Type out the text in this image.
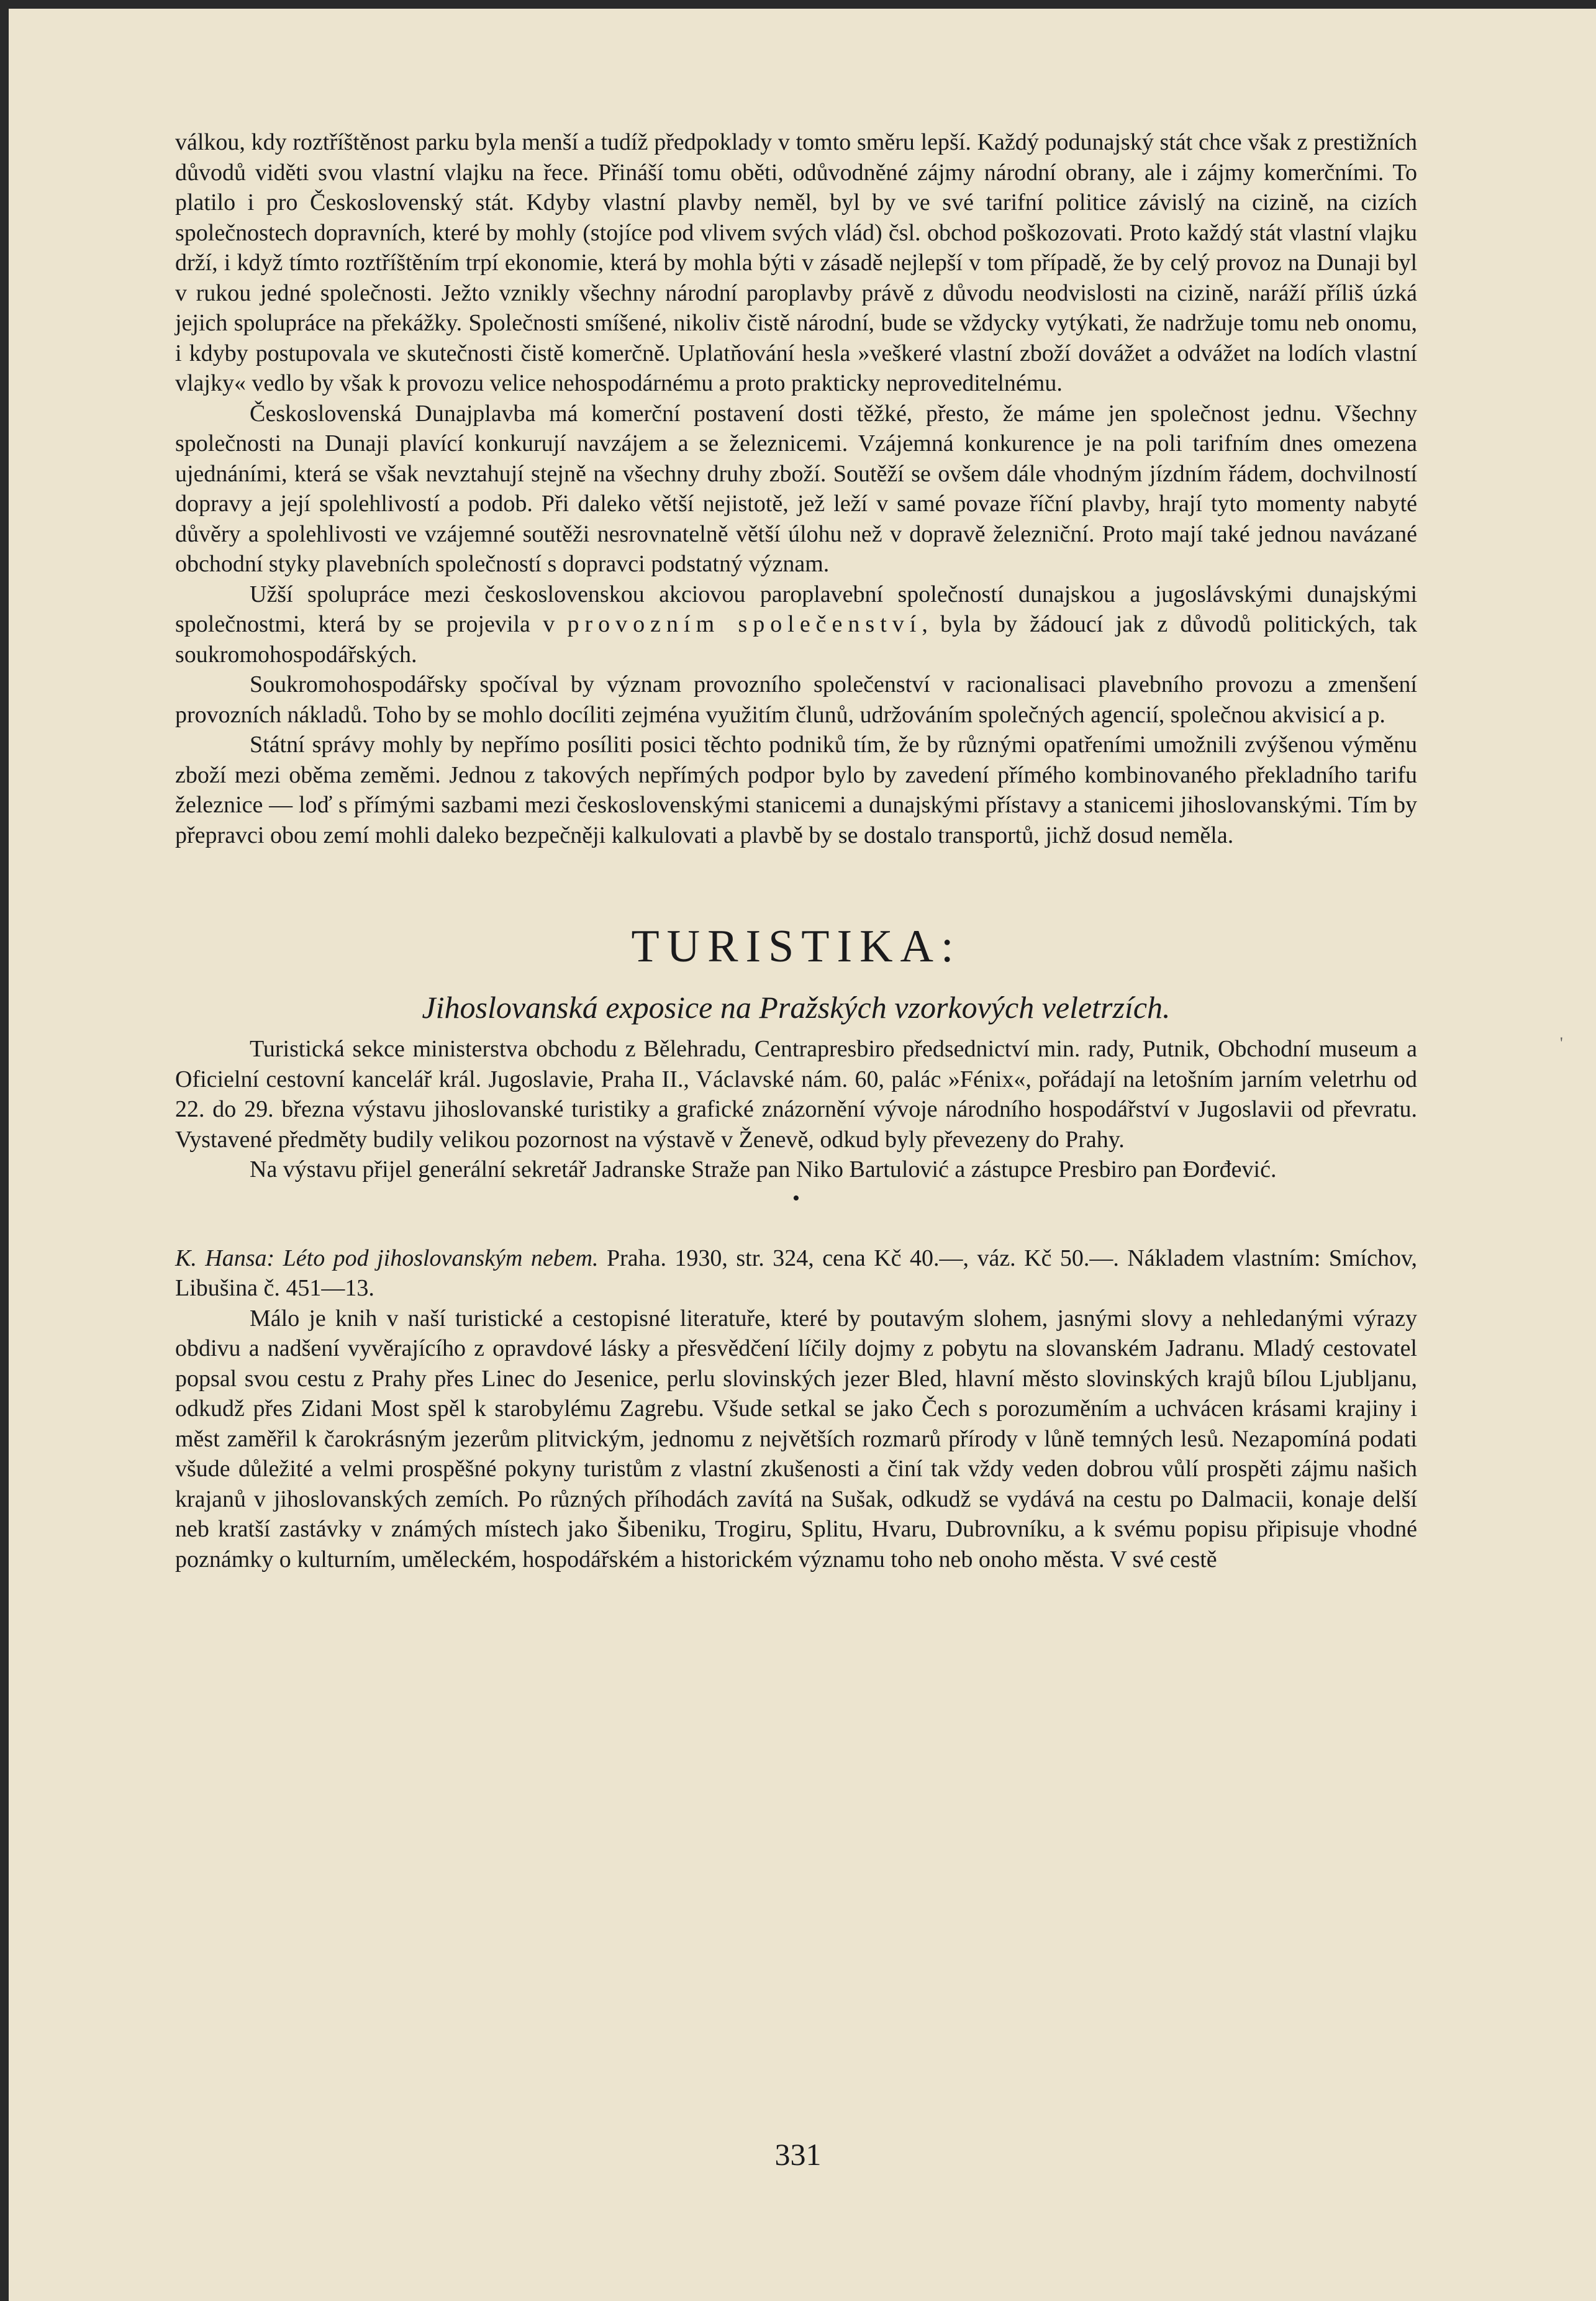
válkou, kdy roztříštěnost parku byla menší a tudíž předpoklady v tomto směru lepší. Každý podunajský stát chce však z prestižních důvodů viděti svou vlastní vlajku na řece. Přináší tomu oběti, odůvodněné zájmy národní obrany, ale i zájmy komerčními. To platilo i pro Československý stát. Kdyby vlastní plavby neměl, byl by ve své tarifní politice závislý na cizině, na cizích společnostech dopravních, které by mohly (stojíce pod vlivem svých vlád) čsl. obchod poškozovati. Proto každý stát vlastní vlajku drží, i když tímto roztříštěním trpí ekonomie, která by mohla býti v zásadě nejlepší v tom případě, že by celý provoz na Dunaji byl v rukou jedné společnosti. Ježto vznikly všechny národní paroplavby právě z důvodu neodvislosti na cizině, naráží příliš úzká jejich spolupráce na překážky. Společnosti smíšené, nikoliv čistě národní, bude se vždycky vytýkati, že nadržuje tomu neb onomu, i kdyby postupovala ve skutečnosti čistě komerčně. Uplatňování hesla »veškeré vlastní zboží dovážet a odvážet na lodích vlastní vlajky« vedlo by však k provozu velice nehospodárnému a proto prakticky neproveditelnému.

Československá Dunajplavba má komerční postavení dosti těžké, přesto, že máme jen společnost jednu. Všechny společnosti na Dunaji plavící konkurují navzájem a se železnicemi. Vzájemná konkurence je na poli tarifním dnes omezena ujednáními, která se však nevztahují stejně na všechny druhy zboží. Soutěží se ovšem dále vhodným jízdním řádem, dochvilností dopravy a její spolehlivostí a podob. Při daleko větší nejistotě, jež leží v samé povaze říční plavby, hrají tyto momenty nabyté důvěry a spolehlivosti ve vzájemné soutěži nesrovnatelně větší úlohu než v dopravě železniční. Proto mají také jednou navázané obchodní styky plavebních společností s dopravci podstatný význam.

Užší spolupráce mezi československou akciovou paroplavební společností dunajskou a jugoslávskými dunajskými společnostmi, která by se projevila v provozním společenství, byla by žádoucí jak z důvodů politických, tak soukromohospodářských.

Soukromohospodářsky spočíval by význam provozního společenství v racionalisaci plavebního provozu a zmenšení provozních nákladů. Toho by se mohlo docíliti zejména využitím člunů, udržováním společných agencií, společnou akvisicí a p.

Státní správy mohly by nepřímo posíliti posici těchto podniků tím, že by různými opatřeními umožnili zvýšenou výměnu zboží mezi oběma zeměmi. Jednou z takových nepřímých podpor bylo by zavedení přímého kombinovaného překladního tarifu železnice — loď s přímými sazbami mezi československými stanicemi a dunajskými přístavy a stanicemi jihoslovanskými. Tím by přepravci obou zemí mohli daleko bezpečněji kalkulovati a plavbě by se dostalo transportů, jichž dosud neměla.

TURISTIKA:
Jihoslovanská exposice na Pražských vzorkových veletrzích.

Turistická sekce ministerstva obchodu z Bělehradu, Centrapresbiro předsednictví min. rady, Putnik, Obchodní museum a Oficielní cestovní kancelář král. Jugoslavie, Praha II., Václavské nám. 60, palác »Fénix«, pořádají na letošním jarním veletrhu od 22. do 29. března výstavu jihoslovanské turistiky a grafické znázornění vývoje národního hospodářství v Jugoslavii od převratu. Vystavené předměty budily velikou pozornost na výstavě v Ženevě, odkud byly převezeny do Prahy.

Na výstavu přijel generální sekretář Jadranske Straže pan Niko Bartulović a zástupce Presbiro pan Đorđević.

•

K. Hansa: Léto pod jihoslovanským nebem. Praha. 1930, str. 324, cena Kč 40.—, váz. Kč 50.—. Nákladem vlastním: Smíchov, Libušina č. 451—13.

Málo je knih v naší turistické a cestopisné literatuře, které by poutavým slohem, jasnými slovy a nehledanými výrazy obdivu a nadšení vyvěrajícího z opravdové lásky a přesvědčení líčily dojmy z pobytu na slovanském Jadranu. Mladý cestovatel popsal svou cestu z Prahy přes Linec do Jesenice, perlu slovinských jezer Bled, hlavní město slovinských krajů bílou Ljubljanu, odkudž přes Zidani Most spěl k starobylému Zagrebu. Všude setkal se jako Čech s porozuměním a uchvácen krásami krajiny i měst zaměřil k čarokrásným jezerům plitvickým, jednomu z největších rozmarů přírody v lůně temných lesů. Nezapomíná podati všude důležité a velmi prospěšné pokyny turistům z vlastní zkušenosti a činí tak vždy veden dobrou vůlí prospěti zájmu našich krajanů v jihoslovanských zemích. Po různých příhodách zavítá na Sušak, odkudž se vydává na cestu po Dalmacii, konaje delší neb kratší zastávky v známých místech jako Šibeniku, Trogiru, Splitu, Hvaru, Dubrovníku, a k svému popisu připisuje vhodné poznámky o kulturním, uměleckém, hospodářském a historickém významu toho neb onoho města. V své cestě

'
331
